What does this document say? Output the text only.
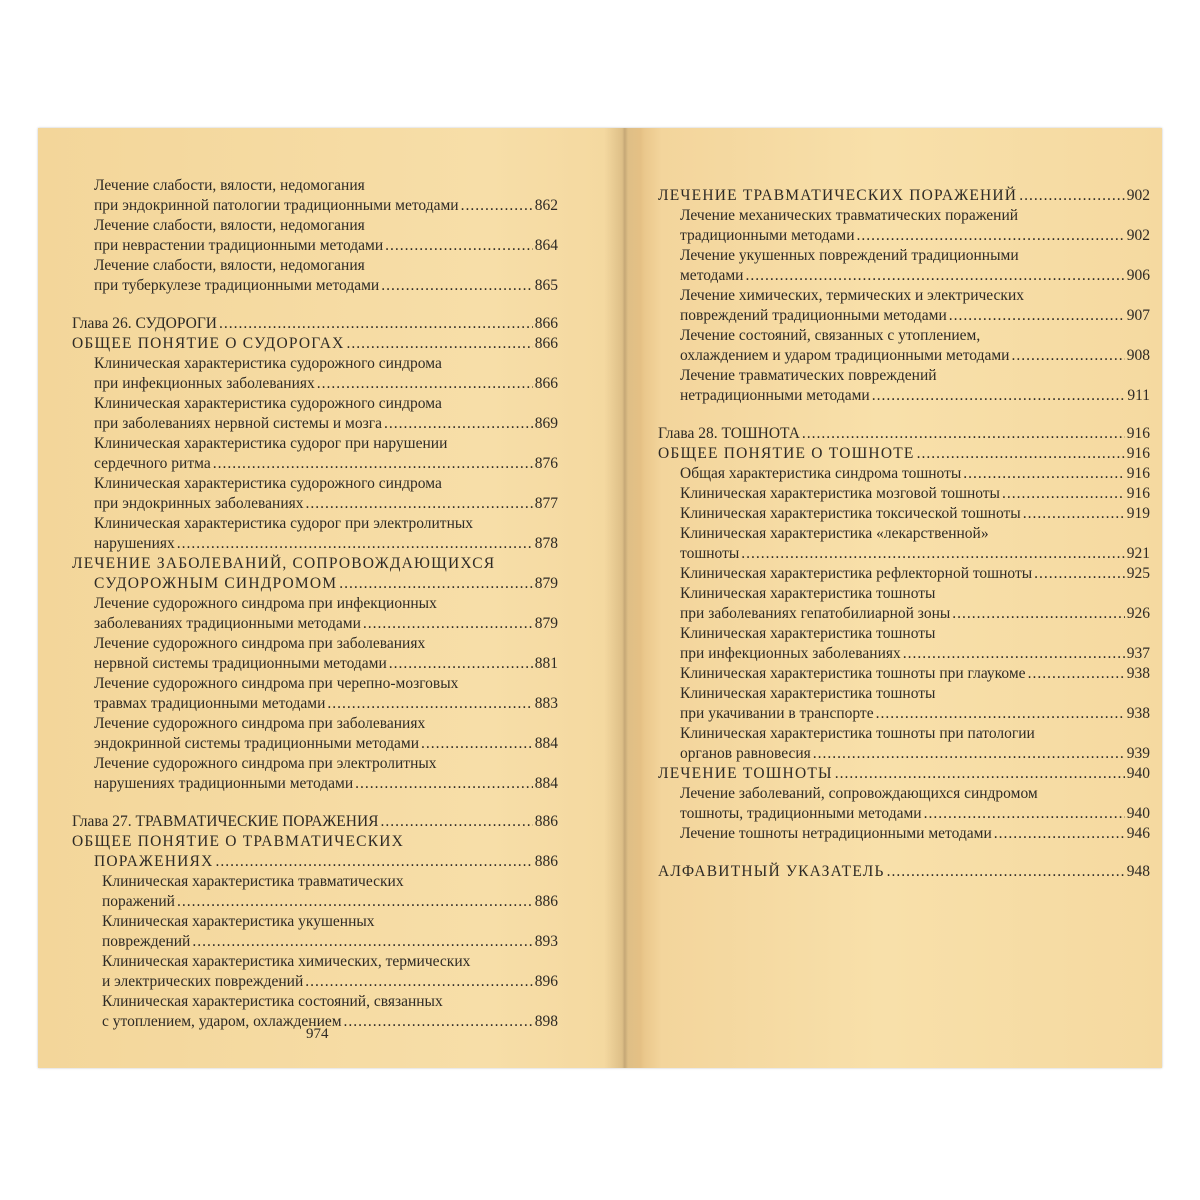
Лечение слабости, вялости, недомогания
при эндокринной патологии традиционными методами .....	862
Лечение слабости, вялости, недомогания
при неврастении традиционными методами .....	864
Лечение слабости, вялости, недомогания
при туберкулезе традиционными методами .....	865
Глава 26. СУДОРОГИ .....	866
ОБЩЕЕ ПОНЯТИЕ О СУДОРОГАХ .....	866
Клиническая характеристика судорожного синдрома
при инфекционных заболеваниях .....	866
Клиническая характеристика судорожного синдрома
при заболеваниях нервной системы и мозга .....	869
Клиническая характеристика судорог при нарушении
сердечного ритма .....	876
Клиническая характеристика судорожного синдрома
при эндокринных заболеваниях .....	877
Клиническая характеристика судорог при электролитных
нарушениях .....	878
ЛЕЧЕНИЕ ЗАБОЛЕВАНИЙ, СОПРОВОЖДАЮЩИХСЯ
СУДОРОЖНЫМ СИНДРОМОМ .....	879
Лечение судорожного синдрома при инфекционных
заболеваниях традиционными методами .....	879
Лечение судорожного синдрома при заболеваниях
нервной системы традиционными методами .....	881
Лечение судорожного синдрома при черепно-мозговых
травмах традиционными методами .....	883
Лечение судорожного синдрома при заболеваниях
эндокринной системы традиционными методами .....	884
Лечение судорожного синдрома при электролитных
нарушениях традиционными методами .....	884
Глава 27. ТРАВМАТИЧЕСКИЕ ПОРАЖЕНИЯ .....	886
ОБЩЕЕ ПОНЯТИЕ О ТРАВМАТИЧЕСКИХ
ПОРАЖЕНИЯХ .....	886
Клиническая характеристика травматических
поражений .....	886
Клиническая характеристика укушенных
повреждений .....	893
Клиническая характеристика химических, термических
и электрических повреждений .....	896
Клиническая характеристика состояний, связанных
с утоплением, ударом, охлаждением .....	898
974
ЛЕЧЕНИЕ ТРАВМАТИЧЕСКИХ ПОРАЖЕНИЙ .....	902
Лечение механических травматических поражений
традиционными методами .....	902
Лечение укушенных повреждений традиционными
методами .....	906
Лечение химических, термических и электрических
повреждений традиционными методами .....	907
Лечение состояний, связанных с утоплением,
охлаждением и ударом традиционными методами .....	908
Лечение травматических повреждений
нетрадиционными методами .....	911
Глава 28. ТОШНОТА .....	916
ОБЩЕЕ ПОНЯТИЕ О ТОШНОТЕ .....	916
Общая характеристика синдрома тошноты .....	916
Клиническая характеристика мозговой тошноты .....	916
Клиническая характеристика токсической тошноты .....	919
Клиническая характеристика «лекарственной»
тошноты .....	921
Клиническая характеристика рефлекторной тошноты .....	925
Клиническая характеристика тошноты
при заболеваниях гепатобилиарной зоны .....	926
Клиническая характеристика тошноты
при инфекционных заболеваниях .....	937
Клиническая характеристика тошноты при глаукоме .....	938
Клиническая характеристика тошноты
при укачивании в транспорте .....	938
Клиническая характеристика тошноты при патологии
органов равновесия .....	939
ЛЕЧЕНИЕ ТОШНОТЫ .....	940
Лечение заболеваний, сопровождающихся синдромом
тошноты, традиционными методами .....	940
Лечение тошноты нетрадиционными методами .....	946
АЛФАВИТНЫЙ УКАЗАТЕЛЬ .....	948
